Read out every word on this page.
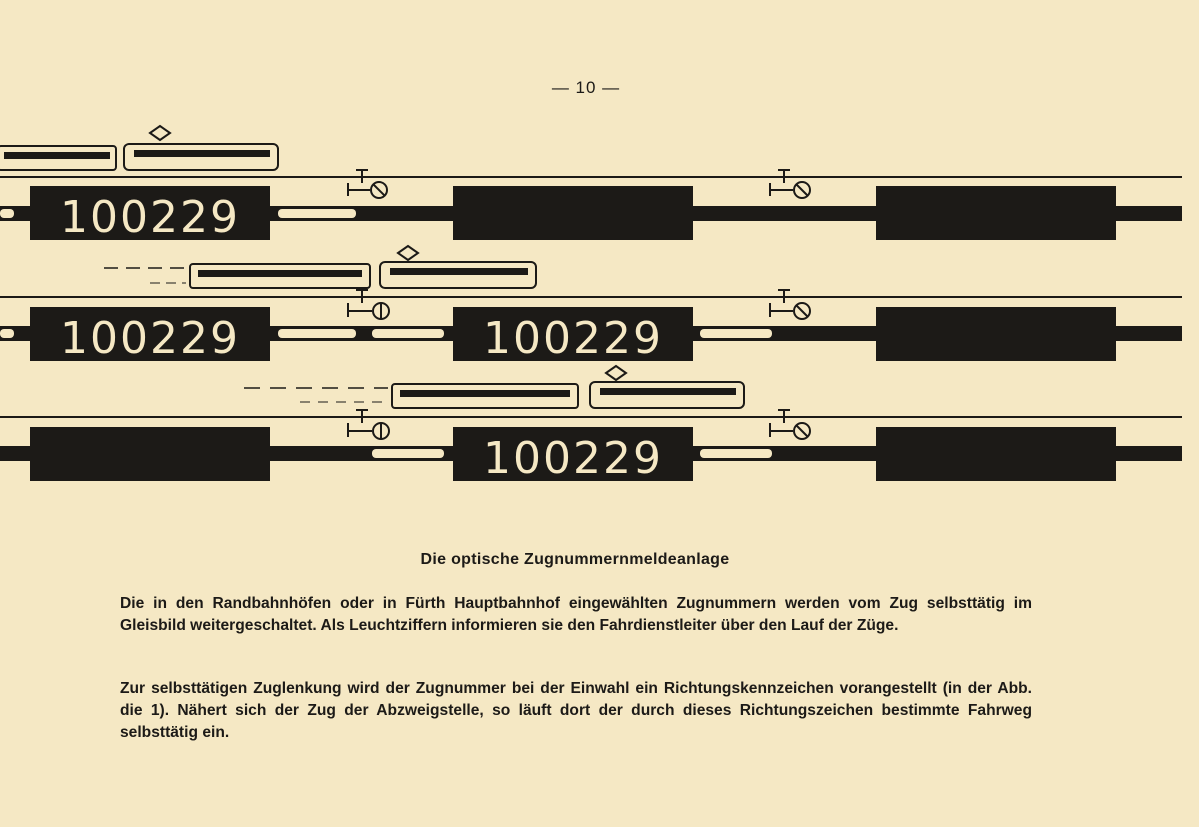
— 10 —
100229
100229	100229
100229
Die optische Zugnummernmeldeanlage

Die in den Randbahnhöfen oder in Fürth Hauptbahnhof eingewählten Zugnummern werden vom Zug selbsttätig im Gleisbild weitergeschaltet. Als Leuchtziffern informieren sie den Fahrdienstleiter über den Lauf der Züge.

Zur selbsttätigen Zuglenkung wird der Zugnummer bei der Einwahl ein Richtungskennzeichen vorangestellt (in der Abb. die 1). Nähert sich der Zug der Abzweigstelle, so läuft dort der durch dieses Richtungszeichen bestimmte Fahrweg selbsttätig ein.
